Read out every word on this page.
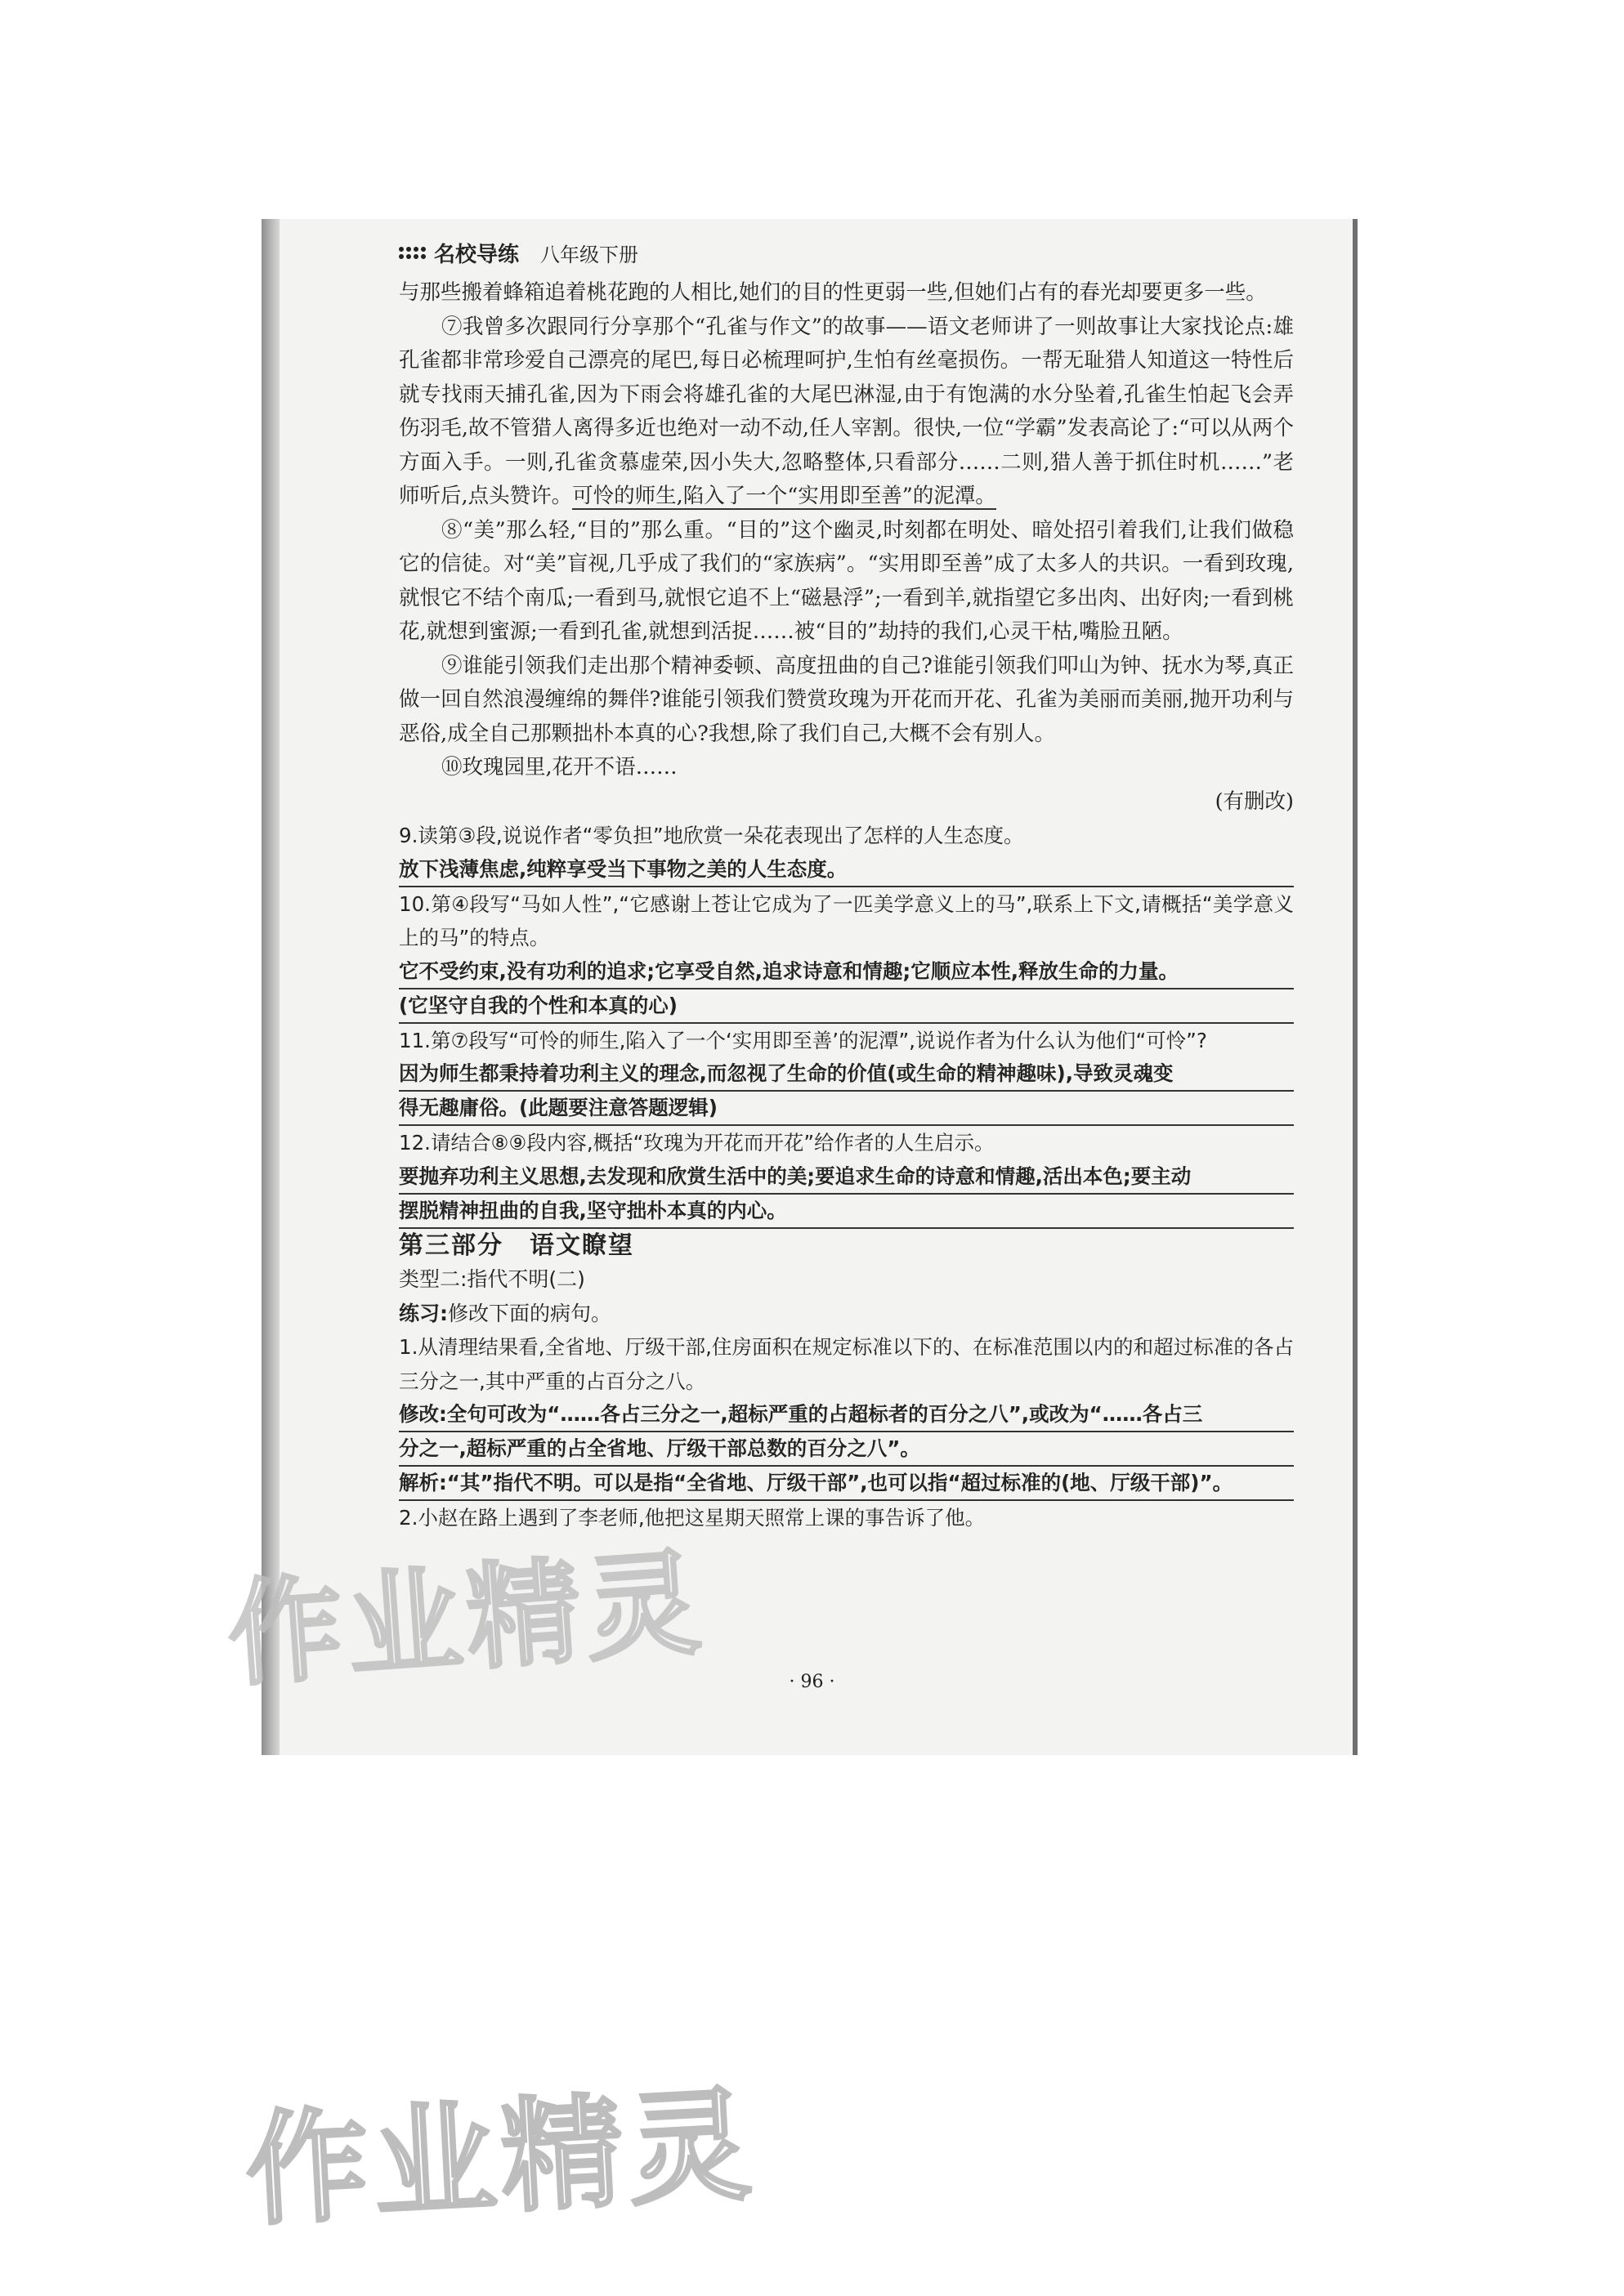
名校导练 八年级下册

与那些搬着蜂箱追着桃花跑的人相比,她们的目的性更弱一些,但她们占有的春光却要更多一些。

⑦我曾多次跟同行分享那个“孔雀与作文”的故事——语文老师讲了一则故事让大家找论点:雄孔雀都非常珍爱自己漂亮的尾巴,每日必梳理呵护,生怕有丝毫损伤。一帮无耻猎人知道这一特性后就专找雨天捕孔雀,因为下雨会将雄孔雀的大尾巴淋湿,由于有饱满的水分坠着,孔雀生怕起飞会弄伤羽毛,故不管猎人离得多近也绝对一动不动,任人宰割。很快,一位“学霸”发表高论了:“可以从两个方面入手。一则,孔雀贪慕虚荣,因小失大,忽略整体,只看部分……二则,猎人善于抓住时机……”老师听后,点头赞许。可怜的师生,陷入了一个“实用即至善”的泥潭。

⑧“美”那么轻,“目的”那么重。“目的”这个幽灵,时刻都在明处、暗处招引着我们,让我们做稳它的信徒。对“美”盲视,几乎成了我们的“家族病”。“实用即至善”成了太多人的共识。一看到玫瑰,就恨它不结个南瓜;一看到马,就恨它追不上“磁悬浮”;一看到羊,就指望它多出肉、出好肉;一看到桃花,就想到蜜源;一看到孔雀,就想到活捉……被“目的”劫持的我们,心灵干枯,嘴脸丑陋。

⑨谁能引领我们走出那个精神委顿、高度扭曲的自己?谁能引领我们叩山为钟、抚水为琴,真正做一回自然浪漫缠绵的舞伴?谁能引领我们赞赏玫瑰为开花而开花、孔雀为美丽而美丽,抛开功利与恶俗,成全自己那颗拙朴本真的心?我想,除了我们自己,大概不会有别人。

⑩玫瑰园里,花开不语……

(有删改)

9.读第③段,说说作者“零负担”地欣赏一朵花表现出了怎样的人生态度。

放下浅薄焦虑,纯粹享受当下事物之美的人生态度。

10.第④段写“马如人性”,“它感谢上苍让它成为了一匹美学意义上的马”,联系上下文,请概括“美学意义上的马”的特点。

它不受约束,没有功利的追求;它享受自然,追求诗意和情趣;它顺应本性,释放生命的力量。

(它坚守自我的个性和本真的心)

11.第⑦段写“可怜的师生,陷入了一个‘实用即至善’的泥潭”,说说作者为什么认为他们“可怜”?

因为师生都秉持着功利主义的理念,而忽视了生命的价值(或生命的精神趣味),导致灵魂变

得无趣庸俗。(此题要注意答题逻辑)

12.请结合⑧⑨段内容,概括“玫瑰为开花而开花”给作者的人生启示。

要抛弃功利主义思想,去发现和欣赏生活中的美;要追求生命的诗意和情趣,活出本色;要主动

摆脱精神扭曲的自我,坚守拙朴本真的内心。

第三部分　语文瞭望

类型二:指代不明(二)

练习:修改下面的病句。

1.从清理结果看,全省地、厅级干部,住房面积在规定标准以下的、在标准范围以内的和超过标准的各占三分之一,其中严重的占百分之八。

修改:全句可改为“……各占三分之一,超标严重的占超标者的百分之八”,或改为“……各占三

分之一,超标严重的占全省地、厅级干部总数的百分之八”。

解析:“其”指代不明。可以是指“全省地、厅级干部”,也可以指“超过标准的(地、厅级干部)”。

2.小赵在路上遇到了李老师,他把这星期天照常上课的事告诉了他。

· 96 ·
作业精灵
作业精灵
